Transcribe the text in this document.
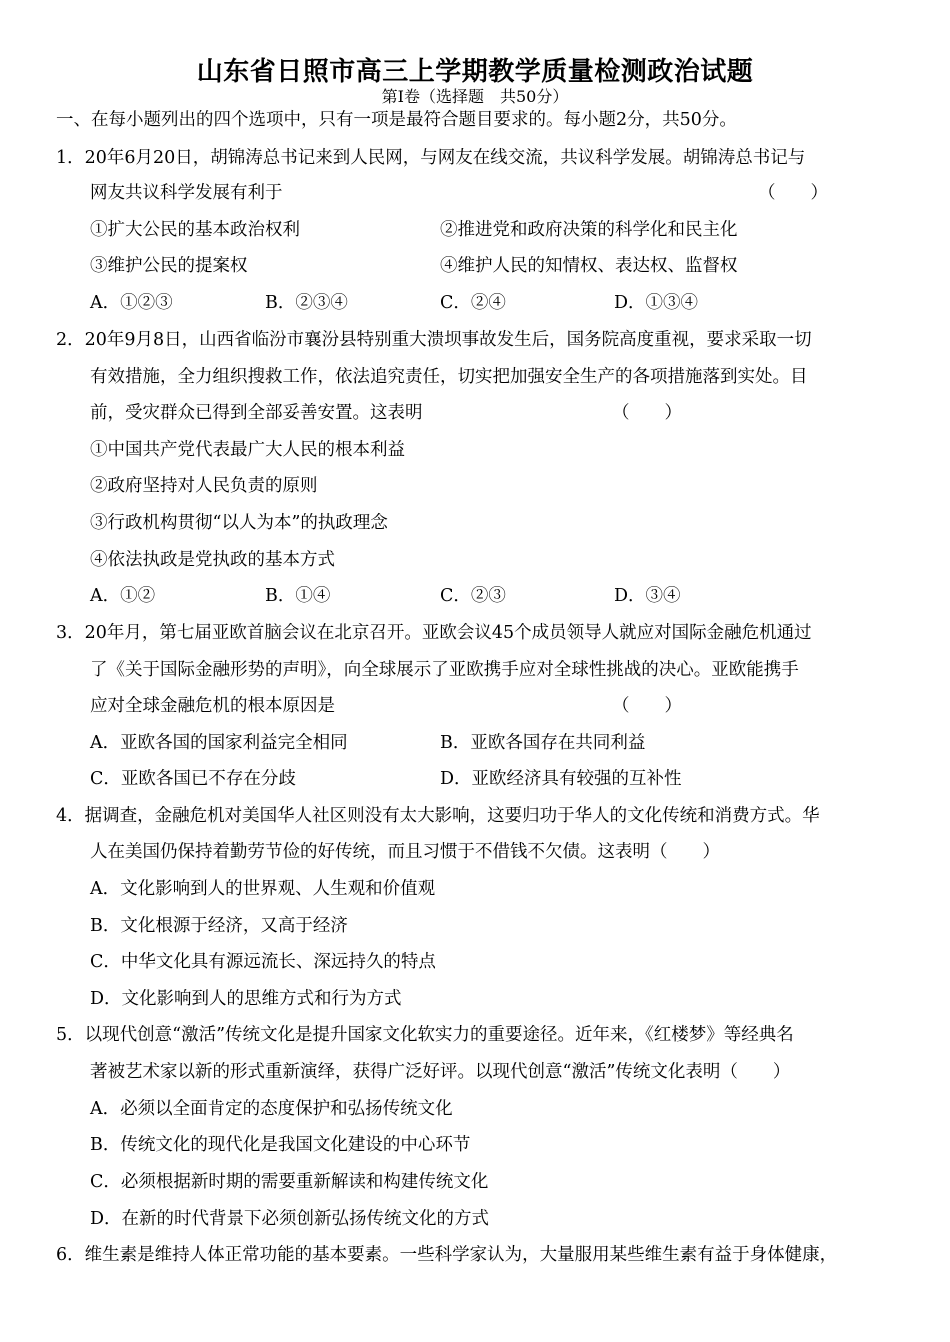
山东省日照市高三上学期教学质量检测政治试题
第Ⅰ卷（选择题　共50分）
一、在每小题列出的四个选项中，只有一项是最符合题目要求的。每小题2分，共50分。
1．20年6月20日，胡锦涛总书记来到人民网，与网友在线交流，共议科学发展。胡锦涛总书记与
网友共议科学发展有利于	（　　）
①扩大公民的基本政治权利	②推进党和政府决策的科学化和民主化
③维护公民的提案权	④维护人民的知情权、表达权、监督权
A．①②③	B．②③④	C．②④	D．①③④
2．20年9月8日，山西省临汾市襄汾县特别重大溃坝事故发生后，国务院高度重视，要求采取一切
有效措施，全力组织搜救工作，依法追究责任，切实把加强安全生产的各项措施落到实处。目
前，受灾群众已得到全部妥善安置。这表明	（　　）
①中国共产党代表最广大人民的根本利益
②政府坚持对人民负责的原则
③行政机构贯彻“以人为本”的执政理念
④依法执政是党执政的基本方式
A．①②	B．①④	C．②③	D．③④
3．20年月，第七届亚欧首脑会议在北京召开。亚欧会议45个成员领导人就应对国际金融危机通过
了《关于国际金融形势的声明》，向全球展示了亚欧携手应对全球性挑战的决心。亚欧能携手
应对全球金融危机的根本原因是	（　　）
A．亚欧各国的国家利益完全相同	B．亚欧各国存在共同利益
C．亚欧各国已不存在分歧	D．亚欧经济具有较强的互补性
4．据调查，金融危机对美国华人社区则没有太大影响，这要归功于华人的文化传统和消费方式。华
人在美国仍保持着勤劳节俭的好传统，而且习惯于不借钱不欠债。这表明（　　）
A．文化影响到人的世界观、人生观和价值观
B．文化根源于经济，又高于经济
C．中华文化具有源远流长、深远持久的特点
D．文化影响到人的思维方式和行为方式
5．以现代创意“激活”传统文化是提升国家文化软实力的重要途径。近年来，《红楼梦》等经典名
著被艺术家以新的形式重新演绎，获得广泛好评。以现代创意“激活”传统文化表明（　　）
A．必须以全面肯定的态度保护和弘扬传统文化
B．传统文化的现代化是我国文化建设的中心环节
C．必须根据新时期的需要重新解读和构建传统文化
D．在新的时代背景下必须创新弘扬传统文化的方式
6．维生素是维持人体正常功能的基本要素。一些科学家认为，大量服用某些维生素有益于身体健康，
